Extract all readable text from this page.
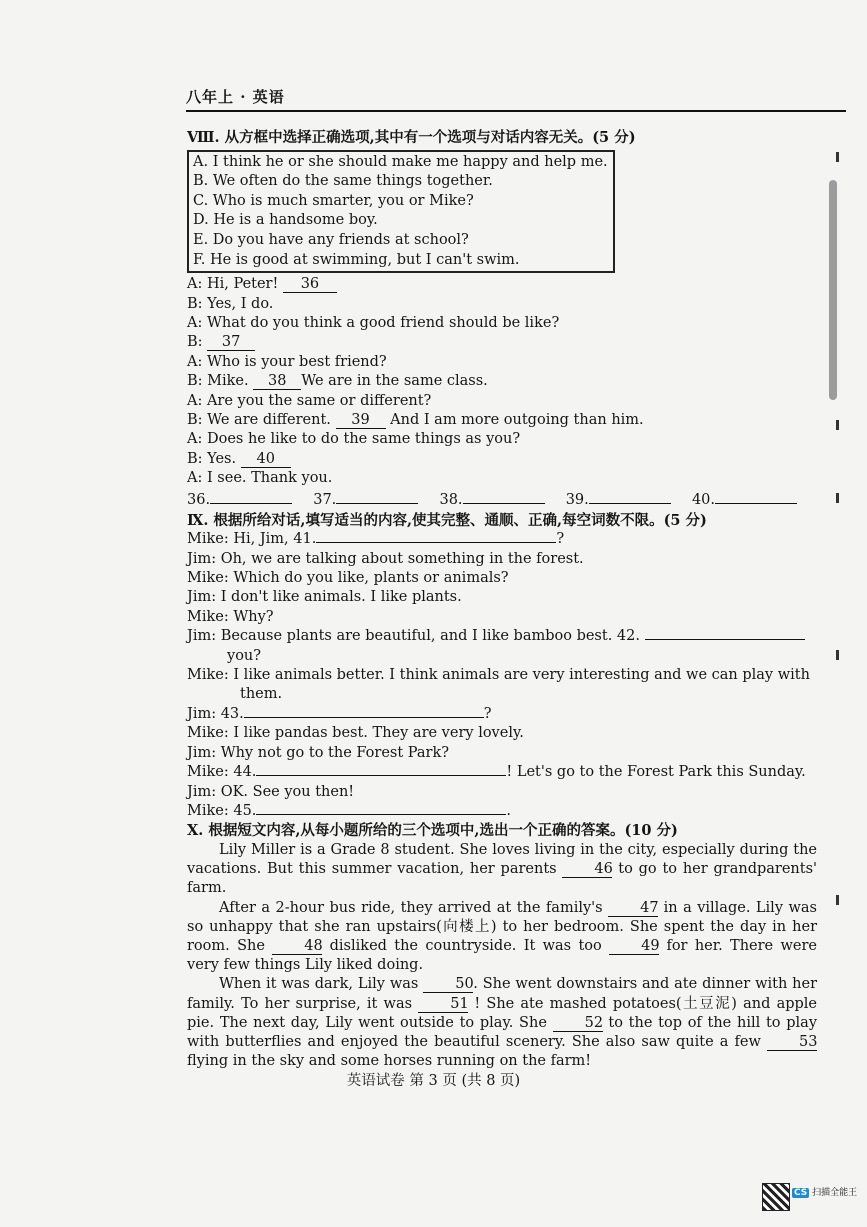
八年上 · 英语
Ⅷ. 从方框中选择正确选项,其中有一个选项与对话内容无关。(5 分)
A. I think he or she should make me happy and help me.
B. We often do the same things together.
C. Who is much smarter, you or Mike?
D. He is a handsome boy.
E. Do you have any friends at school?
F. He is good at swimming, but I can't swim.
A: Hi, Peter! 36
B: Yes, I do.
A: What do you think a good friend should be like?
B: 37
A: Who is your best friend?
B: Mike. 38 We are in the same class.
A: Are you the same or different?
B: We are different. 39 And I am more outgoing than him.
A: Does he like to do the same things as you?
B: Yes. 40
A: I see. Thank you.
36.	37.	38.	39.	40.
Ⅸ. 根据所给对话,填写适当的内容,使其完整、通顺、正确,每空词数不限。(5 分)
Mike: Hi, Jim, 41.	?
Jim: Oh, we are talking about something in the forest.
Mike: Which do you like, plants or animals?
Jim: I don't like animals. I like plants.
Mike: Why?
Jim: Because plants are beautiful, and I like bamboo best. 42.
you?
Mike: I like animals better. I think animals are very interesting and we can play with
them.
Jim: 43.	?
Mike: I like pandas best. They are very lovely.
Jim: Why not go to the Forest Park?
Mike: 44.	! Let's go to the Forest Park this Sunday.
Jim: OK. See you then!
Mike: 45.	.
Ⅹ. 根据短文内容,从每小题所给的三个选项中,选出一个正确的答案。(10 分)
Lily Miller is a Grade 8 student. She loves living in the city, especially during the vacations. But this summer vacation, her parents	46 to go to her grandparents' farm.
After a 2-hour bus ride, they arrived at the family's	47 in a village. Lily was so unhappy that she ran upstairs(向楼上) to her bedroom. She spent the day in her room. She	48 disliked the countryside. It was too	49 for her. There were very few things Lily liked doing.
When it was dark, Lily was	50. She went downstairs and ate dinner with her family. To her surprise, it was	51 ! She ate mashed potatoes(土豆泥) and apple pie. The next day, Lily went outside to play. She	52 to the top of the hill to play with butterflies and enjoyed the beautiful scenery. She also saw quite a few	53 flying in the sky and some horses running on the farm!
英语试卷 第 3 页 (共 8 页)
CS 扫描全能王
